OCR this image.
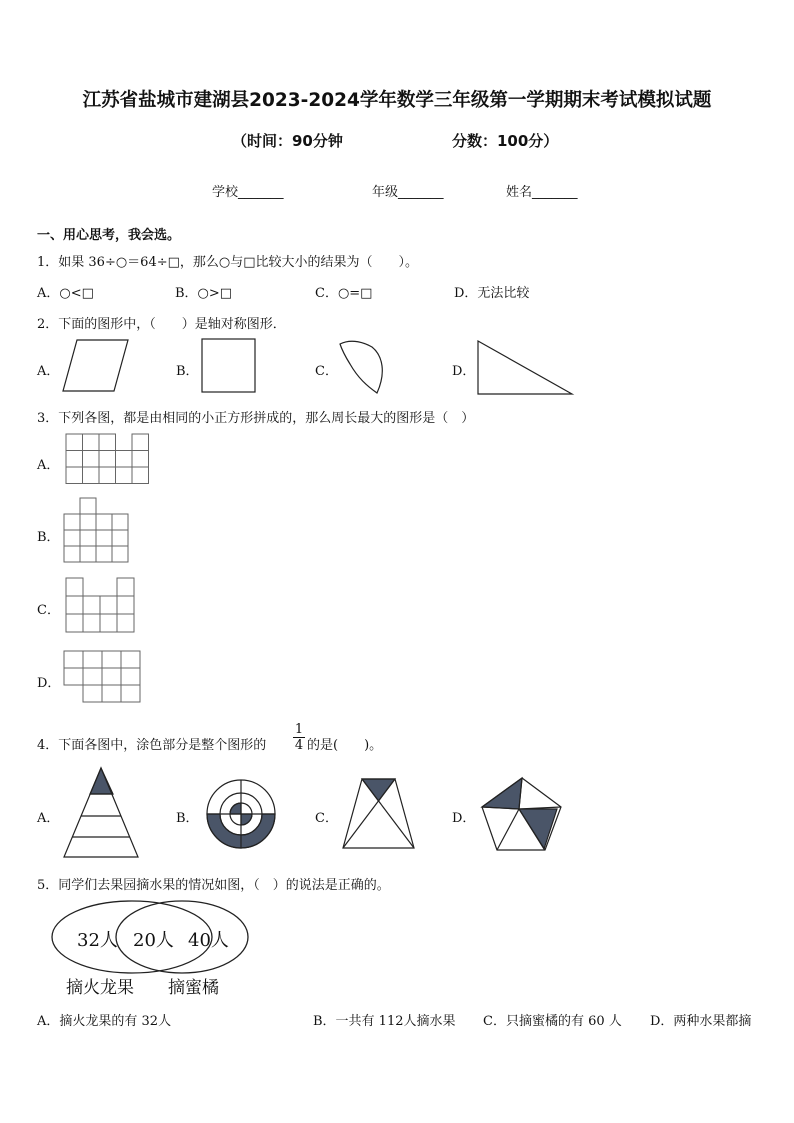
江苏省盐城市建湖县2023-2024学年数学三年级第一学期期末考试模拟试题
（时间：90分钟	分数：100分）
学校_______	年级_______	姓名_______
一、用心思考，我会选。
1．如果 36÷○＝64÷□，那么○与□比较大小的结果为（　　）。
A．○<□	B．○>□	C．○=□	D．无法比较
2．下面的图形中，（　　）是轴对称图形．
A．	B．	C．	D．
3．下列各图，都是由相同的小正方形拼成的，那么周长最大的图形是（　）
A．
B．
C．
D．
4．下面各图中，涂色部分是整个图形的 $\frac{1}{4}$ 的是(　　)。
A．	B．	C．	D．
5．同学们去果园摘水果的情况如图，（　）的说法是正确的。
32人 20人 40人
摘火龙果 摘蜜橘
A．摘火龙果的有 32人	B．一共有 112人摘水果 C．只摘蜜橘的有 60 人 D．两种水果都摘
